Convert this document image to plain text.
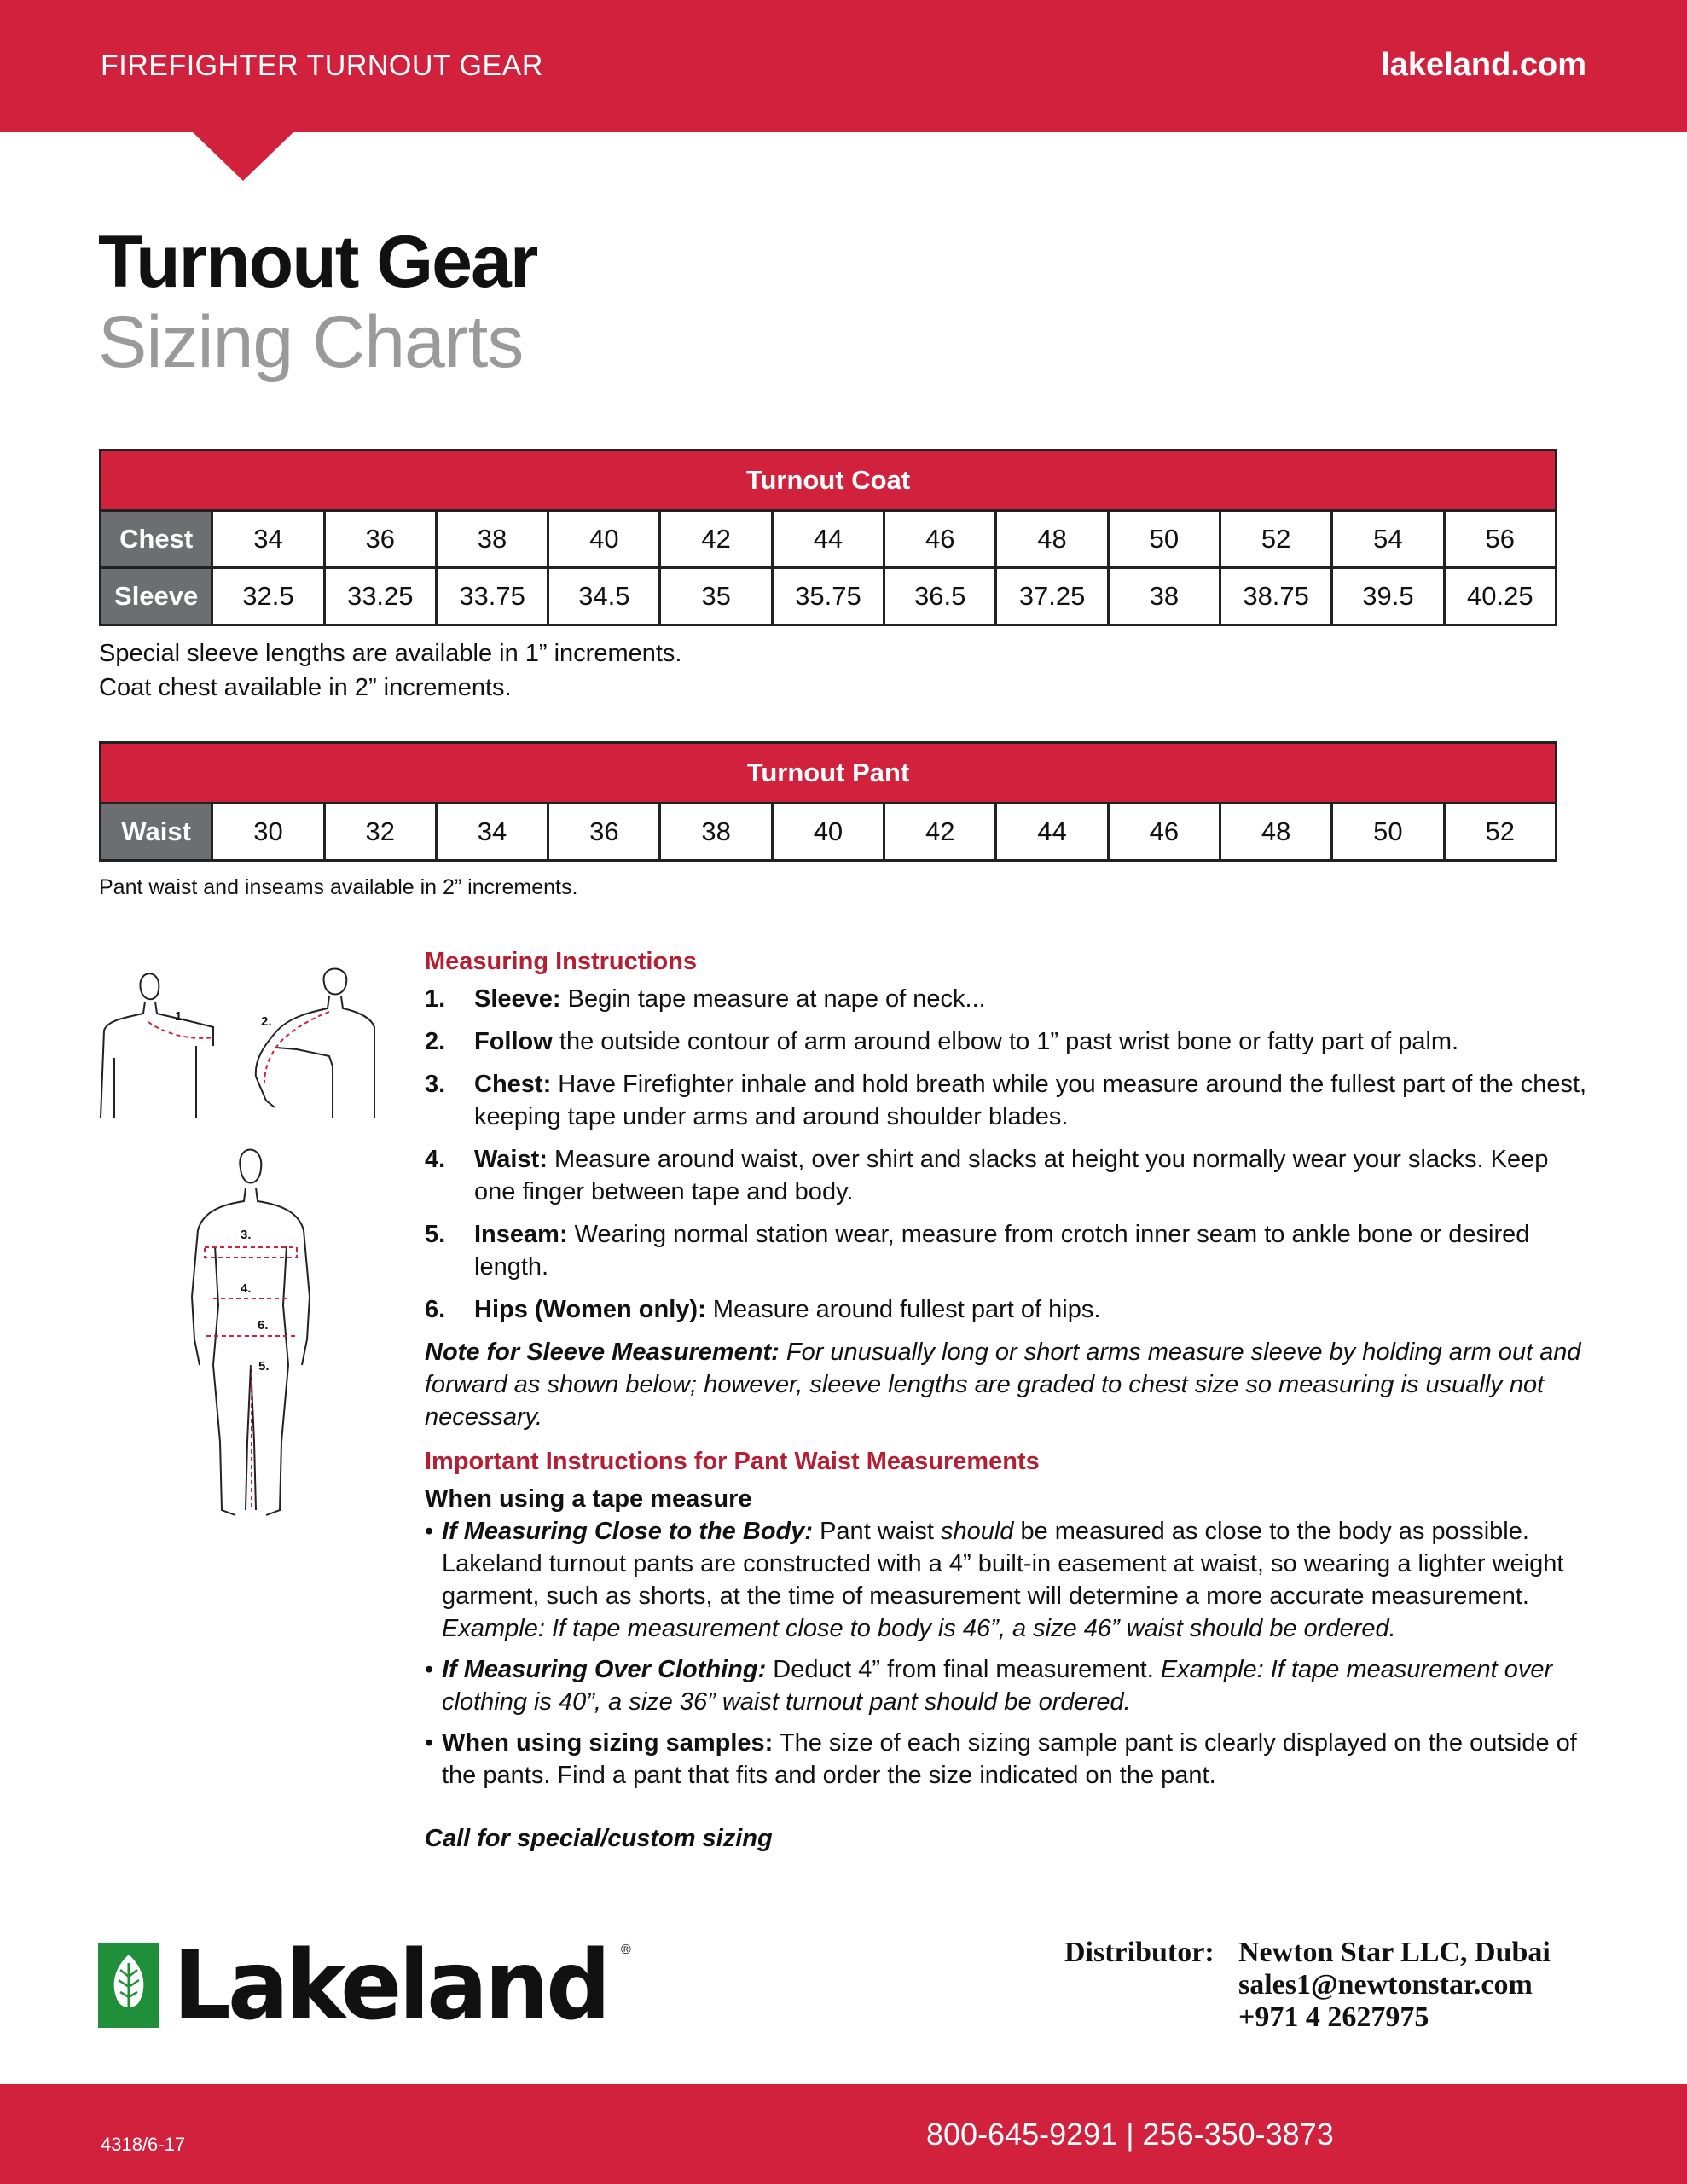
FIREFIGHTER TURNOUT GEAR	lakeland.com
Turnout Gear
Sizing Charts
Turnout Coat												
Chest	34	36	38	40	42	44	46	48	50	52	54	56
Sleeve	32.5	33.25	33.75	34.5	35	35.75	36.5	37.25	38	38.75	39.5	40.25
Special sleeve lengths are available in 1” increments.
Coat chest available in 2” increments.
Turnout Pant
Waist	30	32	34	36	38	40	42	44	46	48	50	52
Pant waist and inseams available in 2” increments.
1.	2.
3.
4.
6.
5.
Measuring Instructions
1. Sleeve: Begin tape measure at nape of neck...
2. Follow the outside contour of arm around elbow to 1” past wrist bone or fatty part of palm.
3. Chest: Have Firefighter inhale and hold breath while you measure around the fullest part of the chest, keeping tape under arms and around shoulder blades.
4. Waist: Measure around waist, over shirt and slacks at height you normally wear your slacks. Keep one finger between tape and body.
5. Inseam: Wearing normal station wear, measure from crotch inner seam to ankle bone or desired length.
6. Hips (Women only): Measure around fullest part of hips.
Note for Sleeve Measurement: For unusually long or short arms measure sleeve by holding arm out and forward as shown below; however, sleeve lengths are graded to chest size so measuring is usually not necessary.
Important Instructions for Pant Waist Measurements
When using a tape measure
• If Measuring Close to the Body: Pant waist should be measured as close to the body as possible. Lakeland turnout pants are constructed with a 4” built-in easement at waist, so wearing a lighter weight garment, such as shorts, at the time of measurement will determine a more accurate measurement. Example: If tape measurement close to body is 46”, a size 46” waist should be ordered.
• If Measuring Over Clothing: Deduct 4” from final measurement. Example: If tape measurement over clothing is 40”, a size 36” waist turnout pant should be ordered.
• When using sizing samples: The size of each sizing sample pant is clearly displayed on the outside of the pants. Find a pant that fits and order the size indicated on the pant.
Call for special/custom sizing
Lakeland ®	Distributor: Newton Star LLC, Dubai
sales1@newtonstar.com
+971 4 2627975
4318/6-17	800-645-9291 | 256-350-3873
